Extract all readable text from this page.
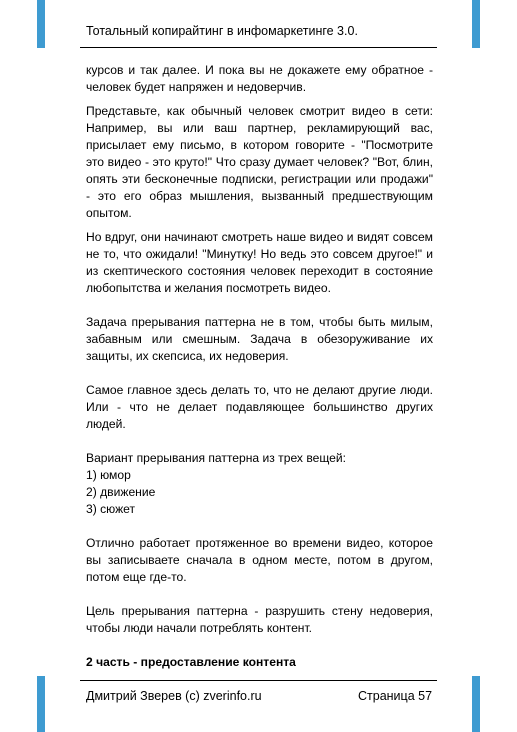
Тотальный копирайтинг в инфомаркетинге 3.0.

курсов и так далее. И пока вы не докажете ему обратное - человек будет напряжен и недоверчив.

Представьте, как обычный человек смотрит видео в сети: Например, вы или ваш партнер, рекламирующий вас, присылает ему письмо, в котором говорите - "Посмотрите это видео - это круто!" Что сразу думает человек? "Вот, блин, опять эти бесконечные подписки, регистрации или продажи" - это его образ мышления, вызванный предшествующим опытом.

Но вдруг, они начинают смотреть наше видео и видят совсем не то, что ожидали! "Минутку! Но ведь это совсем другое!" и из скептического состояния человек переходит в состояние любопытства и желания посмотреть видео.

Задача прерывания паттерна не в том, чтобы быть милым, забавным или смешным. Задача в обезоруживание их защиты, их скепсиса, их недоверия.

Самое главное здесь делать то, что не делают другие люди. Или - что не делает подавляющее большинство других людей.

Вариант прерывания паттерна из трех вещей:

1) юмор
2) движение
3) сюжет

Отлично работает протяженное во времени видео, которое вы записываете сначала в одном месте, потом в другом, потом еще где-то.

Цель прерывания паттерна - разрушить стену недоверия, чтобы люди начали потреблять контент.

2 часть - предоставление контента

Дмитрий Зверев (c) zverinfo.ru	Страница 57
